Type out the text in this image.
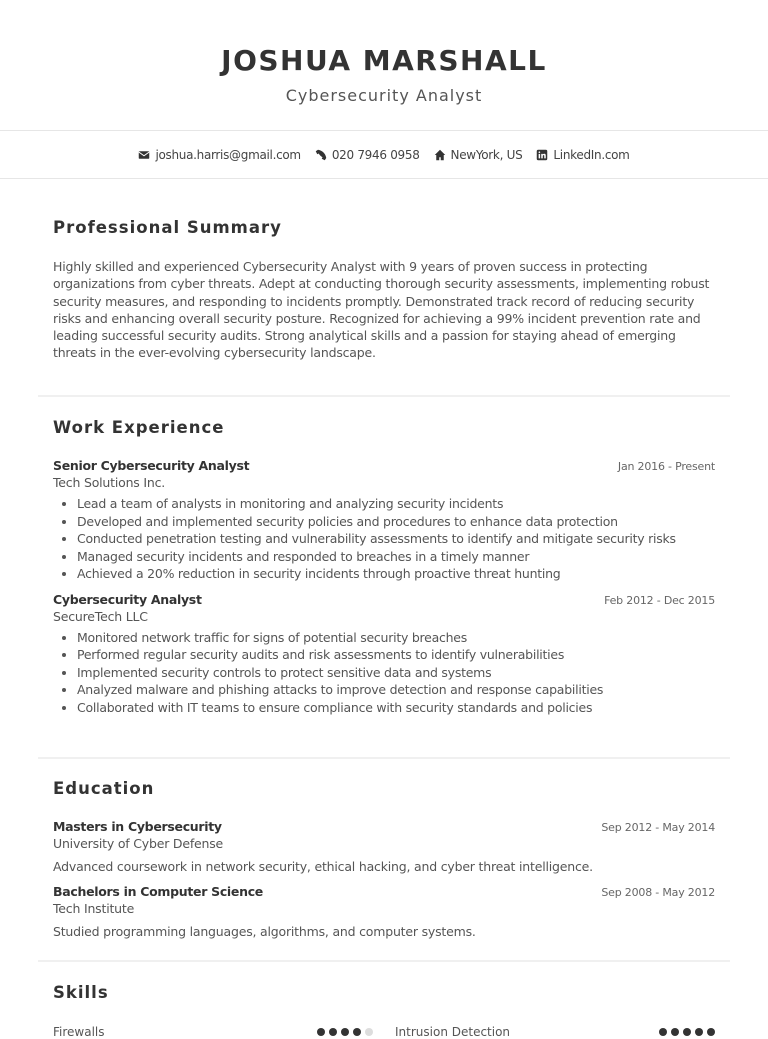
JOSHUA MARSHALL
Cybersecurity Analyst
joshua.harris@gmail.com	020 7946 0958	NewYork, US	LinkedIn.com
Professional Summary
Highly skilled and experienced Cybersecurity Analyst with 9 years of proven success in protecting organizations from cyber threats. Adept at conducting thorough security assessments, implementing robust security measures, and responding to incidents promptly. Demonstrated track record of reducing security risks and enhancing overall security posture. Recognized for achieving a 99% incident prevention rate and leading successful security audits. Strong analytical skills and a passion for staying ahead of emerging threats in the ever-evolving cybersecurity landscape.
Work Experience
Senior Cybersecurity Analyst	Jan 2016 - Present
Tech Solutions Inc.
• Lead a team of analysts in monitoring and analyzing security incidents
• Developed and implemented security policies and procedures to enhance data protection
• Conducted penetration testing and vulnerability assessments to identify and mitigate security risks
• Managed security incidents and responded to breaches in a timely manner
• Achieved a 20% reduction in security incidents through proactive threat hunting
Cybersecurity Analyst	Feb 2012 - Dec 2015
SecureTech LLC
• Monitored network traffic for signs of potential security breaches
• Performed regular security audits and risk assessments to identify vulnerabilities
• Implemented security controls to protect sensitive data and systems
• Analyzed malware and phishing attacks to improve detection and response capabilities
• Collaborated with IT teams to ensure compliance with security standards and policies
Education
Masters in Cybersecurity	Sep 2012 - May 2014
University of Cyber Defense
Advanced coursework in network security, ethical hacking, and cyber threat intelligence.
Bachelors in Computer Science	Sep 2008 - May 2012
Tech Institute
Studied programming languages, algorithms, and computer systems.
Skills
Firewalls	Intrusion Detection
